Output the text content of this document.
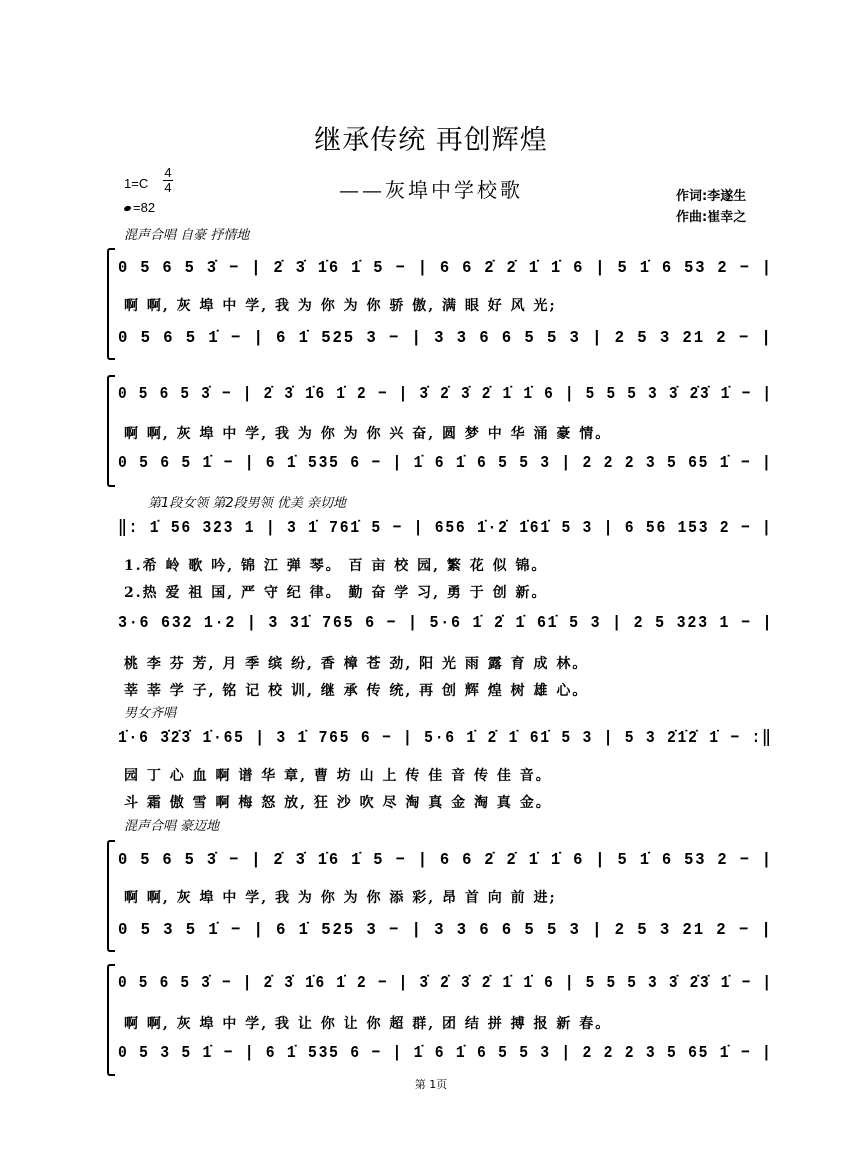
继承传统 再创辉煌
——灰埠中学校歌
1=C
4
4
=82
作词:李遂生
作曲:崔幸之
混声合唱 自豪 抒情地
0 5 6 5 3̇ − | 2̇ 3̇ 1̇6 1̇ 5 − | 6 6 2̇ 2̇ 1̇ 1̇ 6 | 5 1̇ 6 53 2 − |
啊 啊, 灰 埠 中 学, 我 为 你 为 你 骄 傲, 满 眼 好 风 光;
0 5 6 5 1̇ − | 6 1̇ 525 3 − | 3 3 6 6 5 5 3 | 2 5 3 21 2 − |
0 5 6 5 3̇ − | 2̇ 3̇ 1̇6 1̇ 2 − | 3̇ 2̇ 3̇ 2̇ 1̇ 1̇ 6 | 5 5 5 3 3̇ 2̇3̇ 1̇ − |
啊 啊, 灰 埠 中 学, 我 为 你 为 你 兴 奋, 圆 梦 中 华 涌 豪 情。
0 5 6 5 1̇ − | 6 1̇ 535 6 − | 1̇ 6 1̇ 6 5 5 3 | 2 2 2 3 5 65 1̇ − |
第1段女领 第2段男领 优美 亲切地
‖: 1̇ 56 323 1 | 3 1̇ 761̇ 5 − | 656 1̇·2̇ 1̇61̇ 5 3 | 6 56 153 2 − |
1.希 岭 歌 吟, 锦 江 弹 琴。 百 亩 校 园, 繁 花 似 锦。
2.热 爱 祖 国, 严 守 纪 律。 勤 奋 学 习, 勇 于 创 新。
3·6 632 1·2 | 3 31̇ 765 6 − | 5·6 1̇ 2̇ 1̇ 61̇ 5 3 | 2 5 323 1 − |
桃 李 芬 芳, 月 季 缤 纷, 香 樟 苍 劲, 阳 光 雨 露 育 成 林。
莘 莘 学 子, 铭 记 校 训, 继 承 传 统, 再 创 辉 煌 树 雄 心。
男女齐唱
1̇·6 3̇2̇3̇ 1̇·65 | 3 1̇ 765 6 − | 5·6 1̇ 2̇ 1̇ 61̇ 5 3 | 5 3 2̇1̇2̇ 1̇ − :‖
园 丁 心 血 啊 谱 华 章, 曹 坊 山 上 传 佳 音 传 佳 音。
斗 霜 傲 雪 啊 梅 怒 放, 狂 沙 吹 尽 淘 真 金 淘 真 金。
混声合唱 豪迈地
0 5 6 5 3̇ − | 2̇ 3̇ 1̇6 1̇ 5 − | 6 6 2̇ 2̇ 1̇ 1̇ 6 | 5 1̇ 6 53 2 − |
啊 啊, 灰 埠 中 学, 我 为 你 为 你 添 彩, 昂 首 向 前 进;
0 5 3 5 1̇ − | 6 1̇ 525 3 − | 3 3 6 6 5 5 3 | 2 5 3 21 2 − |
0 5 6 5 3̇ − | 2̇ 3̇ 1̇6 1̇ 2 − | 3̇ 2̇ 3̇ 2̇ 1̇ 1̇ 6 | 5 5 5 3 3̇ 2̇3̇ 1̇ − |
啊 啊, 灰 埠 中 学, 我 让 你 让 你 超 群, 团 结 拼 搏 报 新 春。
0 5 3 5 1̇ − | 6 1̇ 535 6 − | 1̇ 6 1̇ 6 5 5 3 | 2 2 2 3 5 65 1̇ − |
第 1页
